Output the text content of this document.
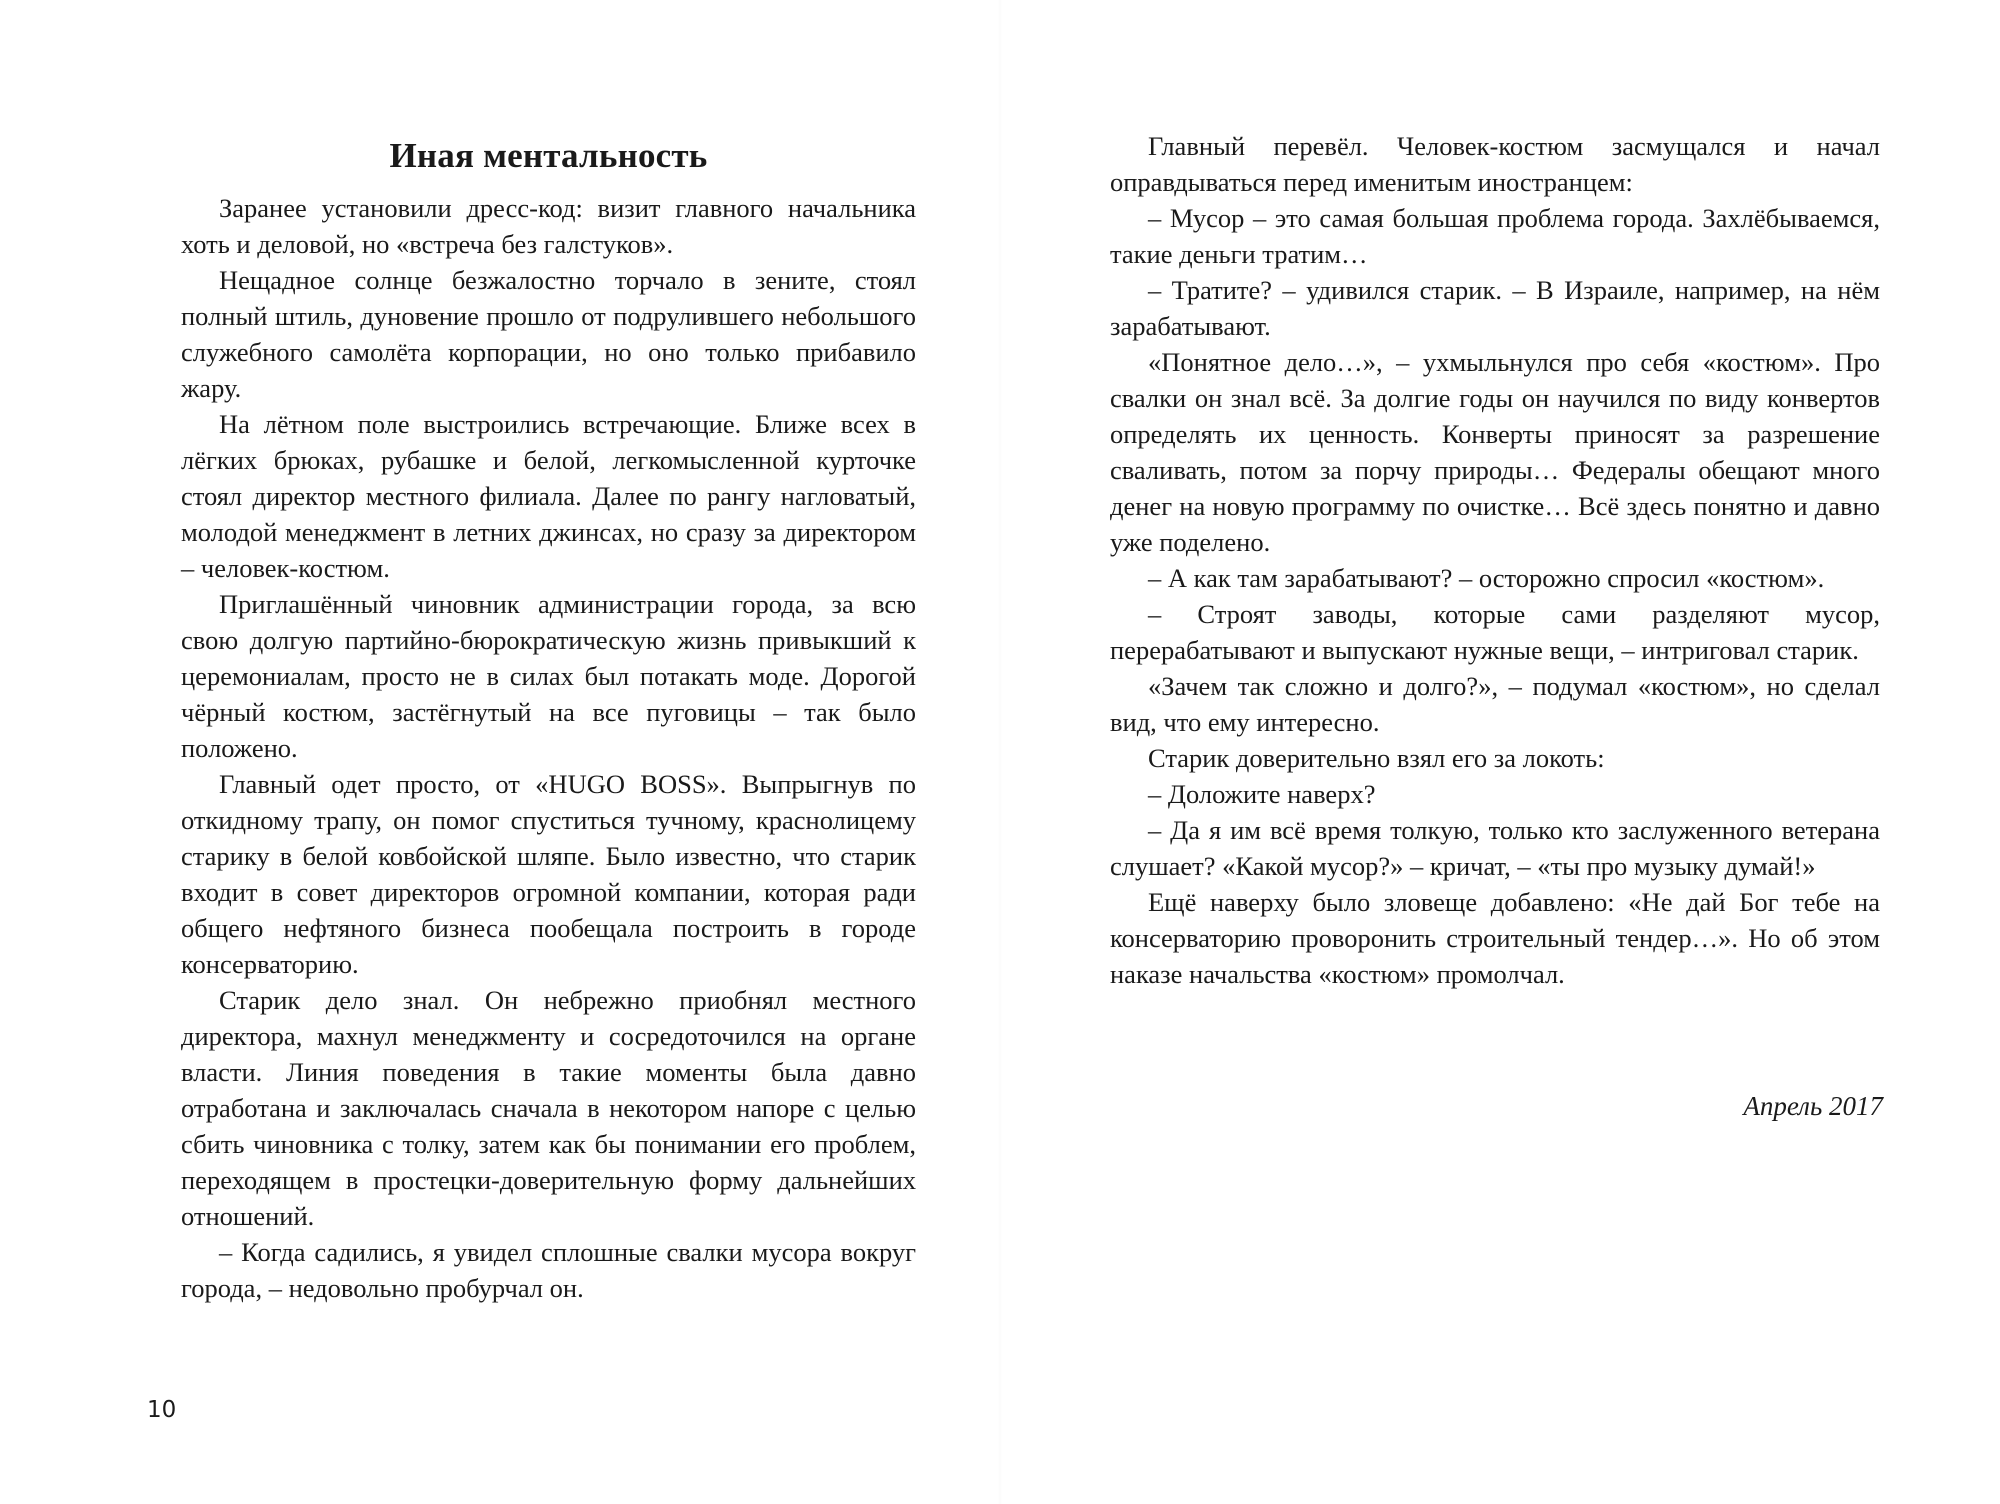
Иная ментальность

Заранее установили дресс-код: визит главного начальника хоть и деловой, но «встреча без галстуков».

Нещадное солнце безжалостно торчало в зените, стоял полный штиль, дуновение прошло от подрулившего небольшого служебного самолёта корпорации, но оно только прибавило жару.

На лётном поле выстроились встречающие. Ближе всех в лёгких брюках, рубашке и белой, легкомысленной курточке стоял директор местного филиала. Далее по рангу нагловатый, молодой менеджмент в летних джинсах, но сразу за директором – человек-костюм.

Приглашённый чиновник администрации города, за всю свою долгую партийно-бюрократическую жизнь привыкший к церемониалам, просто не в силах был потакать моде. Дорогой чёрный костюм, застёгнутый на все пуговицы – так было положено.

Главный одет просто, от «HUGO BOSS». Выпрыгнув по откидному трапу, он помог спуститься тучному, краснолицему старику в белой ковбойской шляпе. Было известно, что старик входит в совет директоров огромной компании, которая ради общего нефтяного бизнеса пообещала построить в городе консерваторию.

Старик дело знал. Он небрежно приобнял местного директора, махнул менеджменту и сосредоточился на органе власти. Линия поведения в такие моменты была давно отработана и заключалась сначала в некотором напоре с целью сбить чиновника с толку, затем как бы понимании его проблем, переходящем в простецки-доверительную форму дальнейших отношений.

– Когда садились, я увидел сплошные свалки мусора вокруг города, – недовольно пробурчал он.

Главный перевёл. Человек-костюм засмущался и начал оправдываться перед именитым иностранцем:

– Мусор – это самая большая проблема города. Захлёбываемся, такие деньги тратим…

– Тратите? – удивился старик. – В Израиле, например, на нём зарабатывают.

«Понятное дело…», – ухмыльнулся про себя «костюм». Про свалки он знал всё. За долгие годы он научился по виду конвертов определять их ценность. Конверты приносят за разрешение сваливать, потом за порчу природы… Федералы обещают много денег на новую программу по очистке… Всё здесь понятно и давно уже поделено.

– А как там зарабатывают? – осторожно спросил «костюм».

– Строят заводы, которые сами разделяют мусор, перерабатывают и выпускают нужные вещи, – интриговал старик.

«Зачем так сложно и долго?», – подумал «костюм», но сделал вид, что ему интересно.

Старик доверительно взял его за локоть:

– Доложите наверх?

– Да я им всё время толкую, только кто заслуженного ветерана слушает? «Какой мусор?» – кричат, – «ты про музыку думай!»

Ещё наверху было зловеще добавлено: «Не дай Бог тебе на консерваторию проворонить строительный тендер…». Но об этом наказе начальства «костюм» промолчал.

Апрель 2017

10
